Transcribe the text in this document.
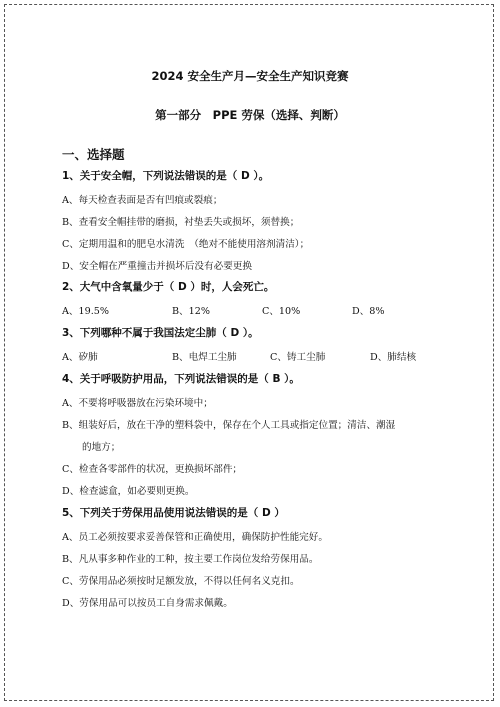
2024 安全生产月—安全生产知识竞赛
第一部分　PPE 劳保（选择、判断）
一、选择题
1、关于安全帽，下列说法错误的是（ D ）。
A、每天检查表面是否有凹痕或裂痕；
B、查看安全帽挂带的磨损，衬垫丢失或损坏，须替换；
C、定期用温和的肥皂水清洗　（绝对不能使用溶剂清洁）；
D、安全帽在严重撞击并损坏后没有必要更换
2、大气中含氧量少于（ D ）时，人会死亡。
A、19.5%	B、12%	C、10%	D、8%
3、下列哪种不属于我国法定尘肺（ D ）。
A、矽肺	B、电焊工尘肺	C、铸工尘肺	D、肺结核
4、关于呼吸防护用品，下列说法错误的是（ B ）。
A、不要将呼吸器放在污染环境中；
B、组装好后，放在干净的塑料袋中，保存在个人工具或指定位置；清洁、潮湿
的地方；
C、检查各零部件的状况，更换损坏部件；
D、检查滤盒，如必要则更换。
5、下列关于劳保用品使用说法错误的是（ D ）
A、员工必须按要求妥善保管和正确使用，确保防护性能完好。
B、凡从事多种作业的工种，按主要工作岗位发给劳保用品。
C、劳保用品必须按时足额发放，不得以任何名义克扣。
D、劳保用品可以按员工自身需求佩戴。
